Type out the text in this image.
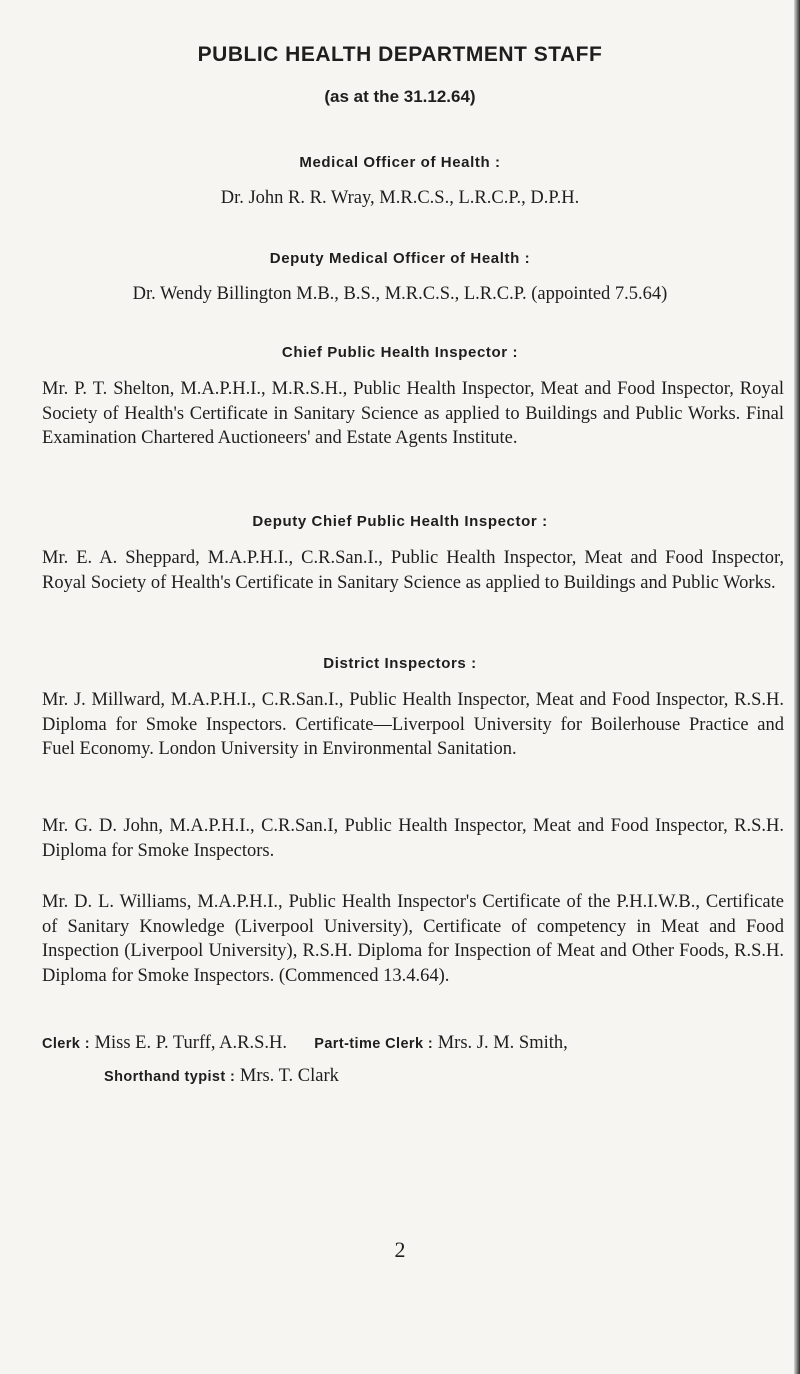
PUBLIC HEALTH DEPARTMENT STAFF
(as at the 31.12.64)
Medical Officer of Health :
Dr. John R. R. Wray, M.R.C.S., L.R.C.P., D.P.H.
Deputy Medical Officer of Health :
Dr. Wendy Billington M.B., B.S., M.R.C.S., L.R.C.P. (appointed 7.5.64)
Chief Public Health Inspector :
Mr. P. T. Shelton, M.A.P.H.I., M.R.S.H., Public Health Inspector, Meat and Food Inspector, Royal Society of Health's Certificate in Sanitary Science as applied to Buildings and Public Works. Final Examination Chartered Auctioneers' and Estate Agents Institute.
Deputy Chief Public Health Inspector :
Mr. E. A. Sheppard, M.A.P.H.I., C.R.San.I., Public Health Inspector, Meat and Food Inspector, Royal Society of Health's Certificate in Sanitary Science as applied to Buildings and Public Works.
District Inspectors :
Mr. J. Millward, M.A.P.H.I., C.R.San.I., Public Health Inspector, Meat and Food Inspector, R.S.H. Diploma for Smoke Inspectors. Certificate—Liverpool University for Boilerhouse Practice and Fuel Economy. London University in Environmental Sanitation.
Mr. G. D. John, M.A.P.H.I., C.R.San.I, Public Health Inspector, Meat and Food Inspector, R.S.H. Diploma for Smoke Inspectors.
Mr. D. L. Williams, M.A.P.H.I., Public Health Inspector's Certificate of the P.H.I.W.B., Certificate of Sanitary Knowledge (Liverpool University), Certificate of competency in Meat and Food Inspection (Liverpool University), R.S.H. Diploma for Inspection of Meat and Other Foods, R.S.H. Diploma for Smoke Inspectors. (Commenced 13.4.64).
Clerk : Miss E. P. Turff, A.R.S.H. Part-time Clerk : Mrs. J. M. Smith,
Shorthand typist : Mrs. T. Clark
2
